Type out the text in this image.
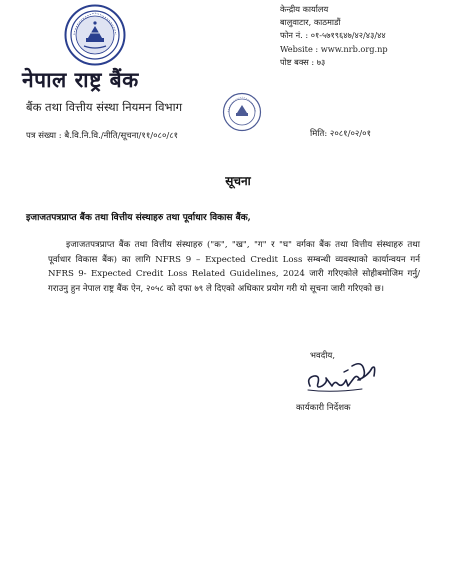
नेपाल राष्ट्र बैंक
बैंक तथा वित्तीय संस्था नियमन विभाग
केन्द्रीय कार्यालय
बालुवाटार, काठमाडौं
फोन नं. : ०१-५७१९६४७/४२/४३/४४
Website : www.nrb.org.np
पोष्ट बक्स : ७३
पत्र संख्या : बै.वि.नि.वि./नीति/सूचना/११/०८०/८१	मिति: २०८१/०२/०१
सूचना
इजाजतपत्रप्राप्त बैंक तथा वित्तीय संस्थाहरु तथा पूर्वाधार विकास बैंक,

इजाजतपत्रप्राप्त बैंक तथा वित्तीय संस्थाहरु ("क", "ख", "ग" र "घ" वर्गका बैंक तथा वित्तीय संस्थाहरु तथा पूर्वाधार विकास बैंक) का लागि NFRS 9 – Expected Credit Loss सम्बन्धी व्यवस्थाको कार्यान्वयन गर्न NFRS 9- Expected Credit Loss Related Guidelines, 2024 जारी गरिएकोले सोहीबमोजिम गर्नु/गराउनु हुन नेपाल राष्ट्र बैंक ऐन, २०५८ को दफा ७९ ले दिएको अधिकार प्रयोग गरी यो सूचना जारी गरिएको छ।

भवदीय,
कार्यकारी निर्देशक
